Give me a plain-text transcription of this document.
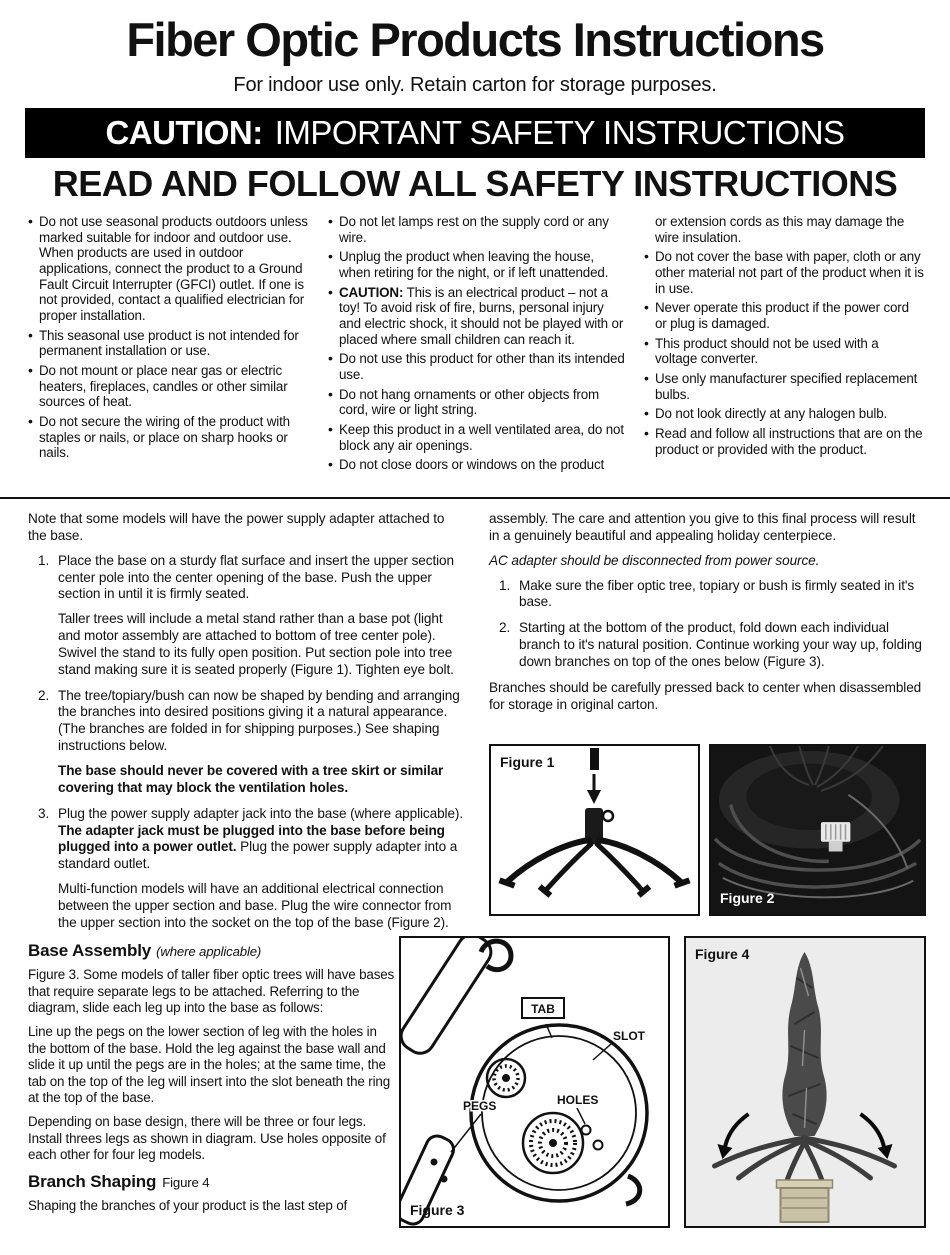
Fiber Optic Products Instructions
For indoor use only. Retain carton for storage purposes.
CAUTION: IMPORTANT SAFETY INSTRUCTIONS
READ AND FOLLOW ALL SAFETY INSTRUCTIONS
• Do not use seasonal products outdoors unless marked suitable for indoor and outdoor use. When products are used in outdoor applications, connect the product to a Ground Fault Circuit Interrupter (GFCI) outlet. If one is not provided, contact a qualified electrician for proper installation.
• This seasonal use product is not intended for permanent installation or use.
• Do not mount or place near gas or electric heaters, fireplaces, candles or other similar sources of heat.
• Do not secure the wiring of the product with staples or nails, or place on sharp hooks or nails.
• Do not let lamps rest on the supply cord or any wire.
• Unplug the product when leaving the house, when retiring for the night, or if left unattended.
• CAUTION: This is an electrical product – not a toy! To avoid risk of fire, burns, personal injury and electric shock, it should not be played with or placed where small children can reach it.
• Do not use this product for other than its intended use.
• Do not hang ornaments or other objects from cord, wire or light string.
• Keep this product in a well ventilated area, do not block any air openings.
• Do not close doors or windows on the product
or extension cords as this may damage the wire insulation.
• Do not cover the base with paper, cloth or any other material not part of the product when it is in use.
• Never operate this product if the power cord or plug is damaged.
• This product should not be used with a voltage converter.
• Use only manufacturer specified replacement bulbs.
• Do not look directly at any halogen bulb.
• Read and follow all instructions that are on the product or provided with the product.

Note that some models will have the power supply adapter attached to the base.

1. Place the base on a sturdy flat surface and insert the upper section center pole into the center opening of the base. Push the upper section in until it is firmly seated.

Taller trees will include a metal stand rather than a base pot (light and motor assembly are attached to bottom of tree center pole). Swivel the stand to its fully open position. Put section pole into tree stand making sure it is seated properly (Figure 1). Tighten eye bolt.

2. The tree/topiary/bush can now be shaped by bending and arranging the branches into desired positions giving it a natural appearance. (The branches are folded in for shipping purposes.) See shaping instructions below.

The base should never be covered with a tree skirt or similar covering that may block the ventilation holes.

3. Plug the power supply adapter jack into the base (where applicable). The adapter jack must be plugged into the base before being plugged into a power outlet. Plug the power supply adapter into a standard outlet.

Multi-function models will have an additional electrical connection between the upper section and base. Plug the wire connector from the upper section into the socket on the top of the base (Figure 2).

assembly. The care and attention you give to this final process will result in a genuinely beautiful and appealing holiday centerpiece.

AC adapter should be disconnected from power source.

1. Make sure the fiber optic tree, topiary or bush is firmly seated in it's base.

2. Starting at the bottom of the product, fold down each individual branch to it's natural position. Continue working your way up, folding down branches on top of the ones below (Figure 3).

Branches should be carefully pressed back to center when disassembled for storage in original carton.

Base Assembly (where applicable)

Figure 3. Some models of taller fiber optic trees will have bases that require separate legs to be attached. Referring to the diagram, slide each leg up into the base as follows:

Line up the pegs on the lower section of leg with the holes in the bottom of the base. Hold the leg against the base wall and slide it up until the pegs are in the holes; at the same time, the tab on the top of the leg will insert into the slot beneath the ring at the top of the base.

Depending on base design, there will be three or four legs. Install threes legs as shown in diagram. Use holes opposite of each other for four leg models.

Branch Shaping Figure 4

Shaping the branches of your product is the last step of

Figure 1
Figure 2
TAB
SLOT
PEGS	HOLES
Figure 3
Figure 4
